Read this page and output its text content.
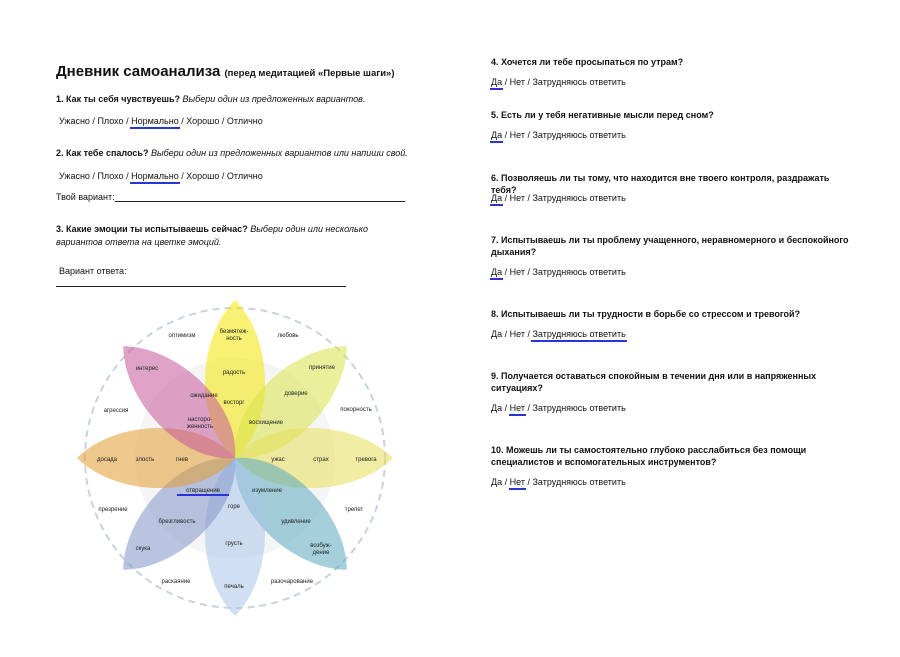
Дневник самоанализа (перед медитацией «Первые шаги»)
1. Как ты себя чувствуешь? Выбери один из предложенных вариантов.
Ужасно / Плохо / Нормально / Хорошо / Отлично
2. Как тебе спалось? Выбери один из предложенных вариантов или напиши свой.
Ужасно / Плохо / Нормально / Хорошо / Отлично
Твой вариант:
3. Какие эмоции ты испытываешь сейчас? Выбери один или несколько вариантов ответа на цветке эмоций.
Вариант ответа:
оптимизм
безмятеж-
ность	любовь
интерес
радость
принятие
агрессия
ожидание	доверие
покорность
восторг
насторо-
женность
восхищение
досада	злость	гнев	ужас	страх	тревога
отвращение	изумление
презрение	горе	трепет
брезгливость	удивление
возбуж-
дение
грусть
скука
раскаяние
печаль
разочарование
4. Хочется ли тебе просыпаться по утрам?
Да / Нет / Затрудняюсь ответить
5. Есть ли у тебя негативные мысли перед сном?
Да / Нет / Затрудняюсь ответить
6. Позволяешь ли ты тому, что находится вне твоего контроля, раздражать тебя?
Да / Нет / Затрудняюсь ответить
7. Испытываешь ли ты проблему учащенного, неравномерного и беспокойного дыхания?
Да / Нет / Затрудняюсь ответить
8. Испытываешь ли ты трудности в борьбе со стрессом и тревогой?
Да / Нет / Затрудняюсь ответить
9. Получается оставаться спокойным в течении дня или в напряженных ситуациях?
Да / Нет / Затрудняюсь ответить
10. Можешь ли ты самостоятельно глубоко расслабиться без помощи специалистов и вспомогательных инструментов?
Да / Нет / Затрудняюсь ответить
